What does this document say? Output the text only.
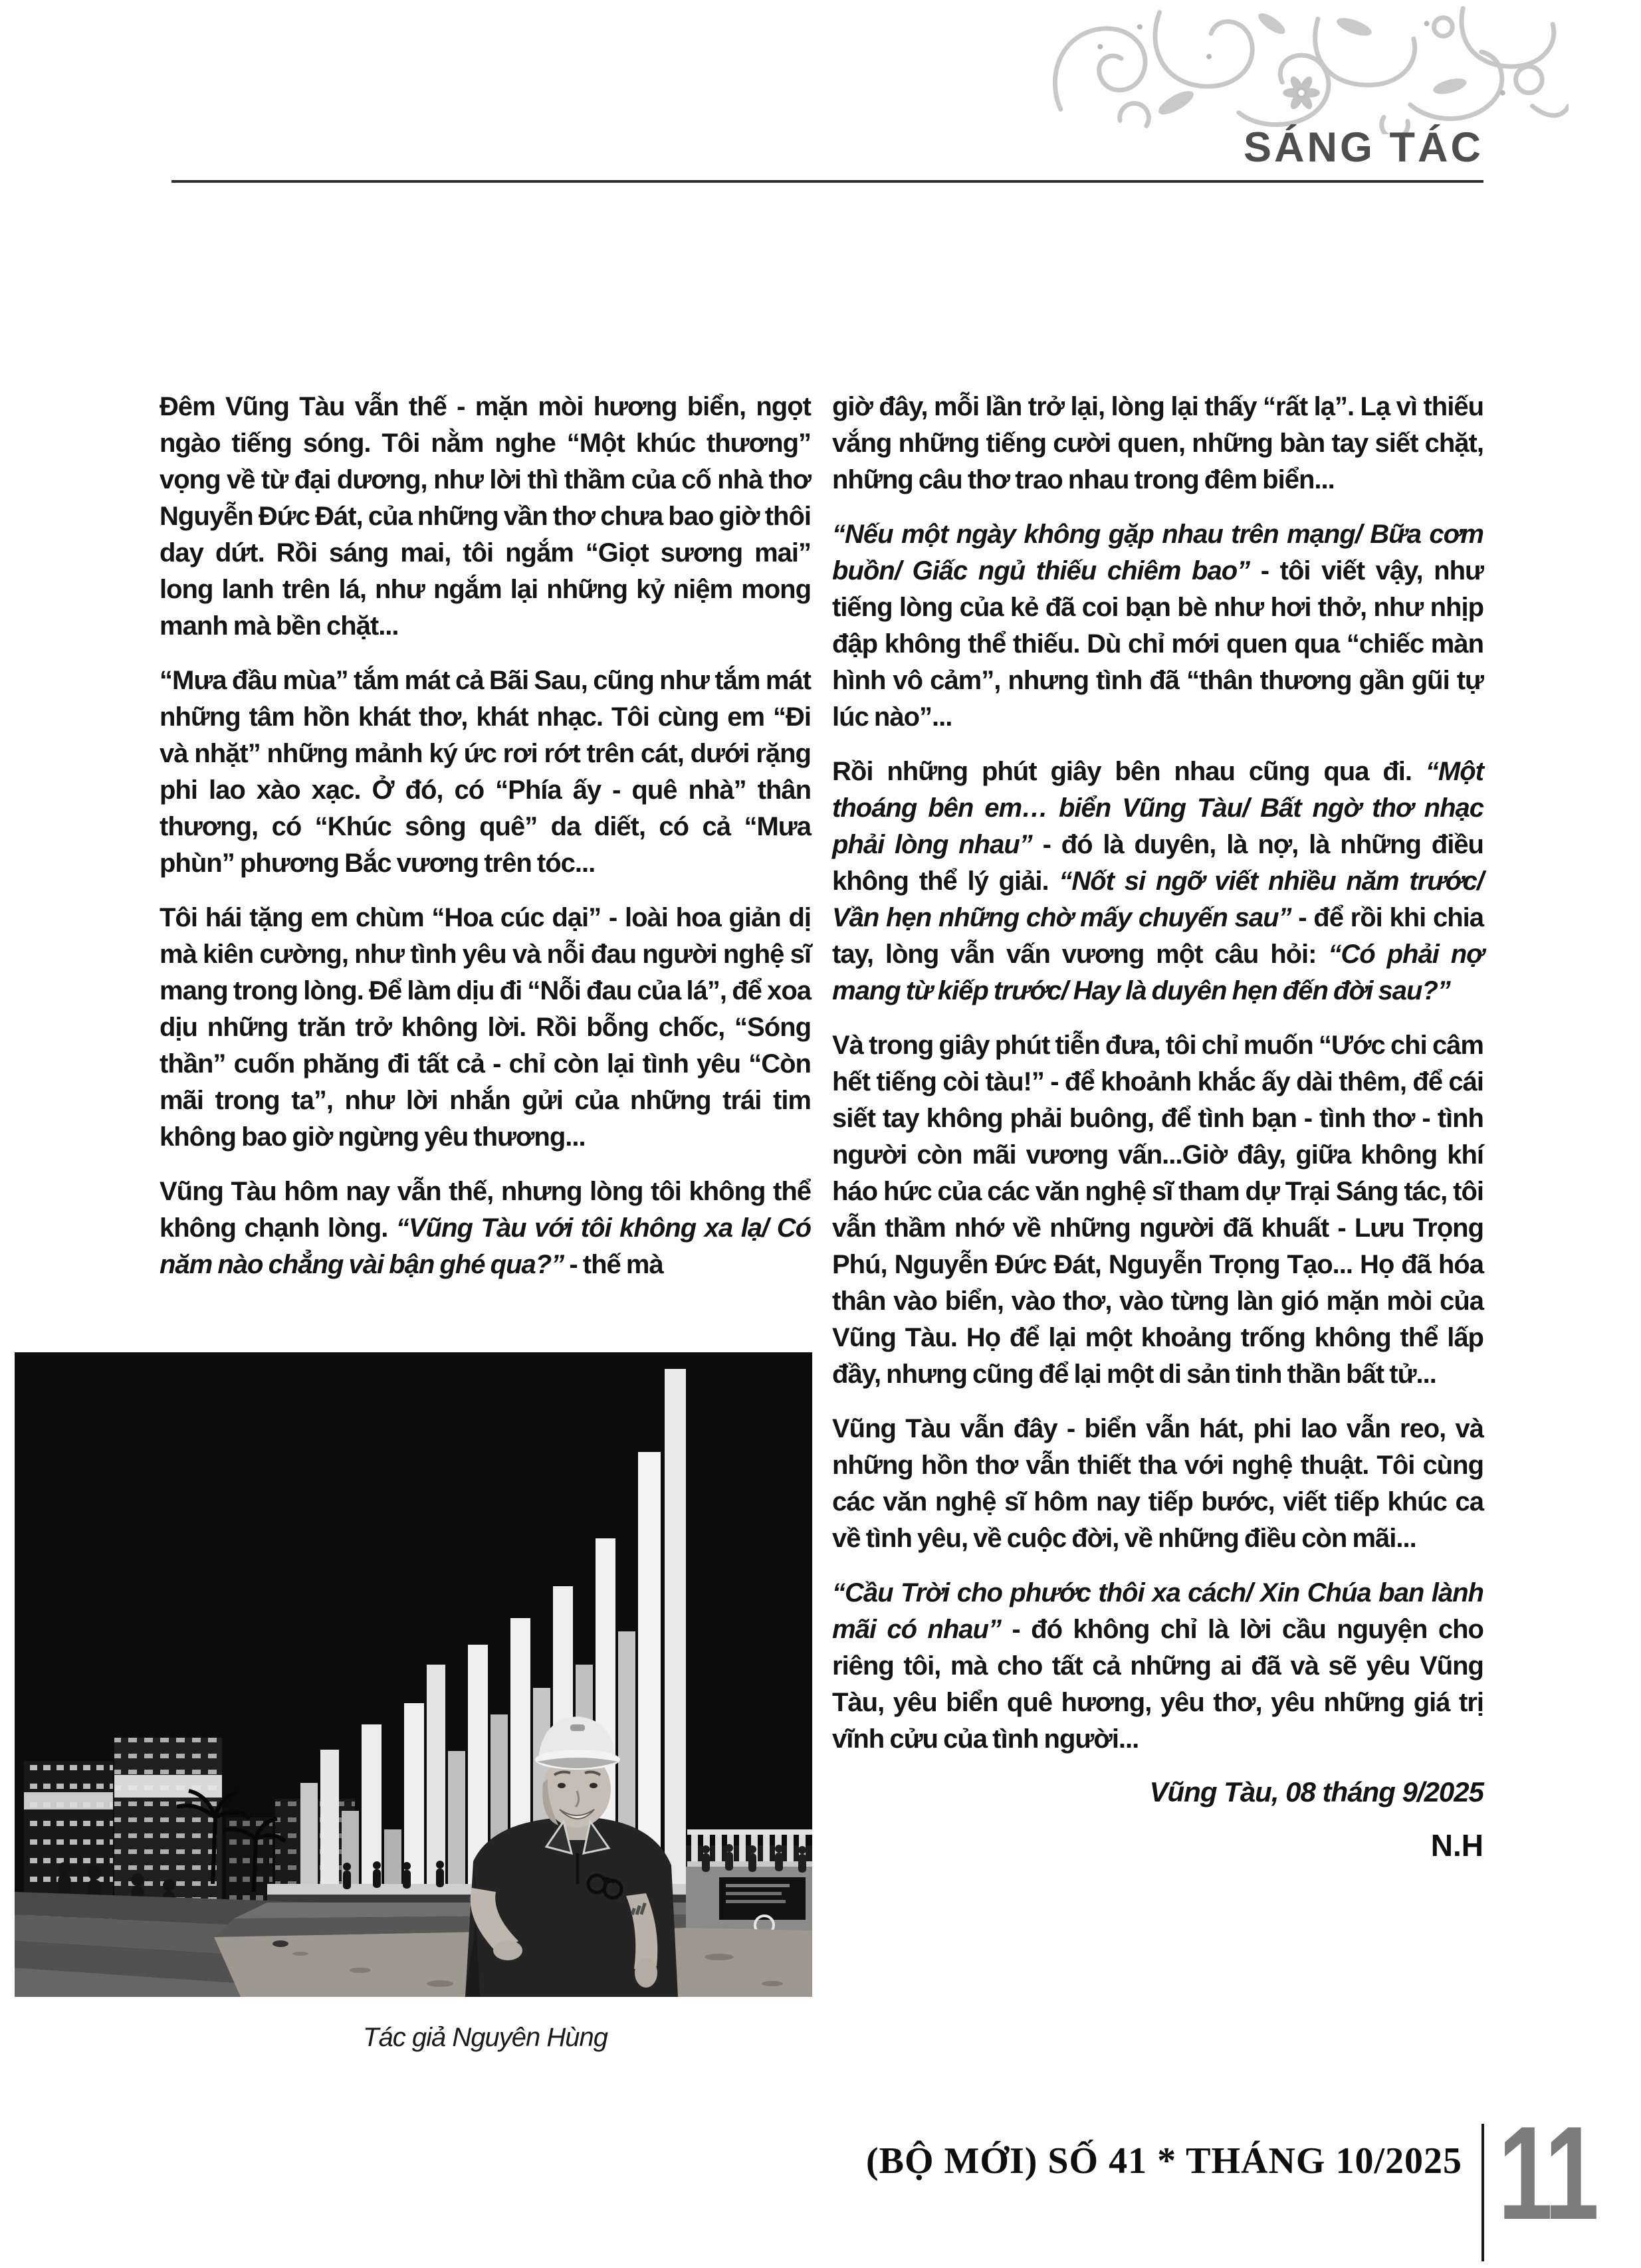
SÁNG TÁC

Đêm Vũng Tàu vẫn thế - mặn mòi hương biển, ngọt ngào tiếng sóng. Tôi nằm nghe “Một khúc thương” vọng về từ đại dương, như lời thì thầm của cố nhà thơ Nguyễn Đức Đát, của những vần thơ chưa bao giờ thôi day dứt. Rồi sáng mai, tôi ngắm “Giọt sương mai” long lanh trên lá, như ngắm lại những kỷ niệm mong manh mà bền chặt...

“Mưa đầu mùa” tắm mát cả Bãi Sau, cũng như tắm mát những tâm hồn khát thơ, khát nhạc. Tôi cùng em “Đi và nhặt” những mảnh ký ức rơi rớt trên cát, dưới rặng phi lao xào xạc. Ở đó, có “Phía ấy - quê nhà” thân thương, có “Khúc sông quê” da diết, có cả “Mưa phùn” phương Bắc vương trên tóc...

Tôi hái tặng em chùm “Hoa cúc dại” - loài hoa giản dị mà kiên cường, như tình yêu và nỗi đau người nghệ sĩ mang trong lòng. Để làm dịu đi “Nỗi đau của lá”, để xoa dịu những trăn trở không lời. Rồi bỗng chốc, “Sóng thần” cuốn phăng đi tất cả - chỉ còn lại tình yêu “Còn mãi trong ta”, như lời nhắn gửi của những trái tim không bao giờ ngừng yêu thương...

Vũng Tàu hôm nay vẫn thế, nhưng lòng tôi không thể không chạnh lòng. “Vũng Tàu với tôi không xa lạ/ Có năm nào chẳng vài bận ghé qua?” - thế mà

giờ đây, mỗi lần trở lại, lòng lại thấy “rất lạ”. Lạ vì thiếu vắng những tiếng cười quen, những bàn tay siết chặt, những câu thơ trao nhau trong đêm biển...

“Nếu một ngày không gặp nhau trên mạng/ Bữa cơm buồn/ Giấc ngủ thiếu chiêm bao” - tôi viết vậy, như tiếng lòng của kẻ đã coi bạn bè như hơi thở, như nhịp đập không thể thiếu. Dù chỉ mới quen qua “chiếc màn hình vô cảm”, nhưng tình đã “thân thương gần gũi tự lúc nào”...

Rồi những phút giây bên nhau cũng qua đi. “Một thoáng bên em… biển Vũng Tàu/ Bất ngờ thơ nhạc phải lòng nhau” - đó là duyên, là nợ, là những điều không thể lý giải. “Nốt si ngỡ viết nhiều năm trước/ Vần hẹn những chờ mấy chuyến sau” - để rồi khi chia tay, lòng vẫn vấn vương một câu hỏi: “Có phải nợ mang từ kiếp trước/ Hay là duyên hẹn đến đời sau?”

Và trong giây phút tiễn đưa, tôi chỉ muốn “Ước chi câm hết tiếng còi tàu!” - để khoảnh khắc ấy dài thêm, để cái siết tay không phải buông, để tình bạn - tình thơ - tình người còn mãi vương vấn...Giờ đây, giữa không khí háo hức của các văn nghệ sĩ tham dự Trại Sáng tác, tôi vẫn thầm nhớ về những người đã khuất - Lưu Trọng Phú, Nguyễn Đức Đát, Nguyễn Trọng Tạo... Họ đã hóa thân vào biển, vào thơ, vào từng làn gió mặn mòi của Vũng Tàu. Họ để lại một khoảng trống không thể lấp đầy, nhưng cũng để lại một di sản tinh thần bất tử...

Vũng Tàu vẫn đây - biển vẫn hát, phi lao vẫn reo, và những hồn thơ vẫn thiết tha với nghệ thuật. Tôi cùng các văn nghệ sĩ hôm nay tiếp bước, viết tiếp khúc ca về tình yêu, về cuộc đời, về những điều còn mãi...

“Cầu Trời cho phước thôi xa cách/ Xin Chúa ban lành mãi có nhau” - đó không chỉ là lời cầu nguyện cho riêng tôi, mà cho tất cả những ai đã và sẽ yêu Vũng Tàu, yêu biển quê hương, yêu thơ, yêu những giá trị vĩnh cửu của tình người...

Vũng Tàu, 08 tháng 9/2025
N.H
Tác giả Nguyên Hùng
(BỘ MỚI) SỐ 41 * THÁNG 10/2025 11
